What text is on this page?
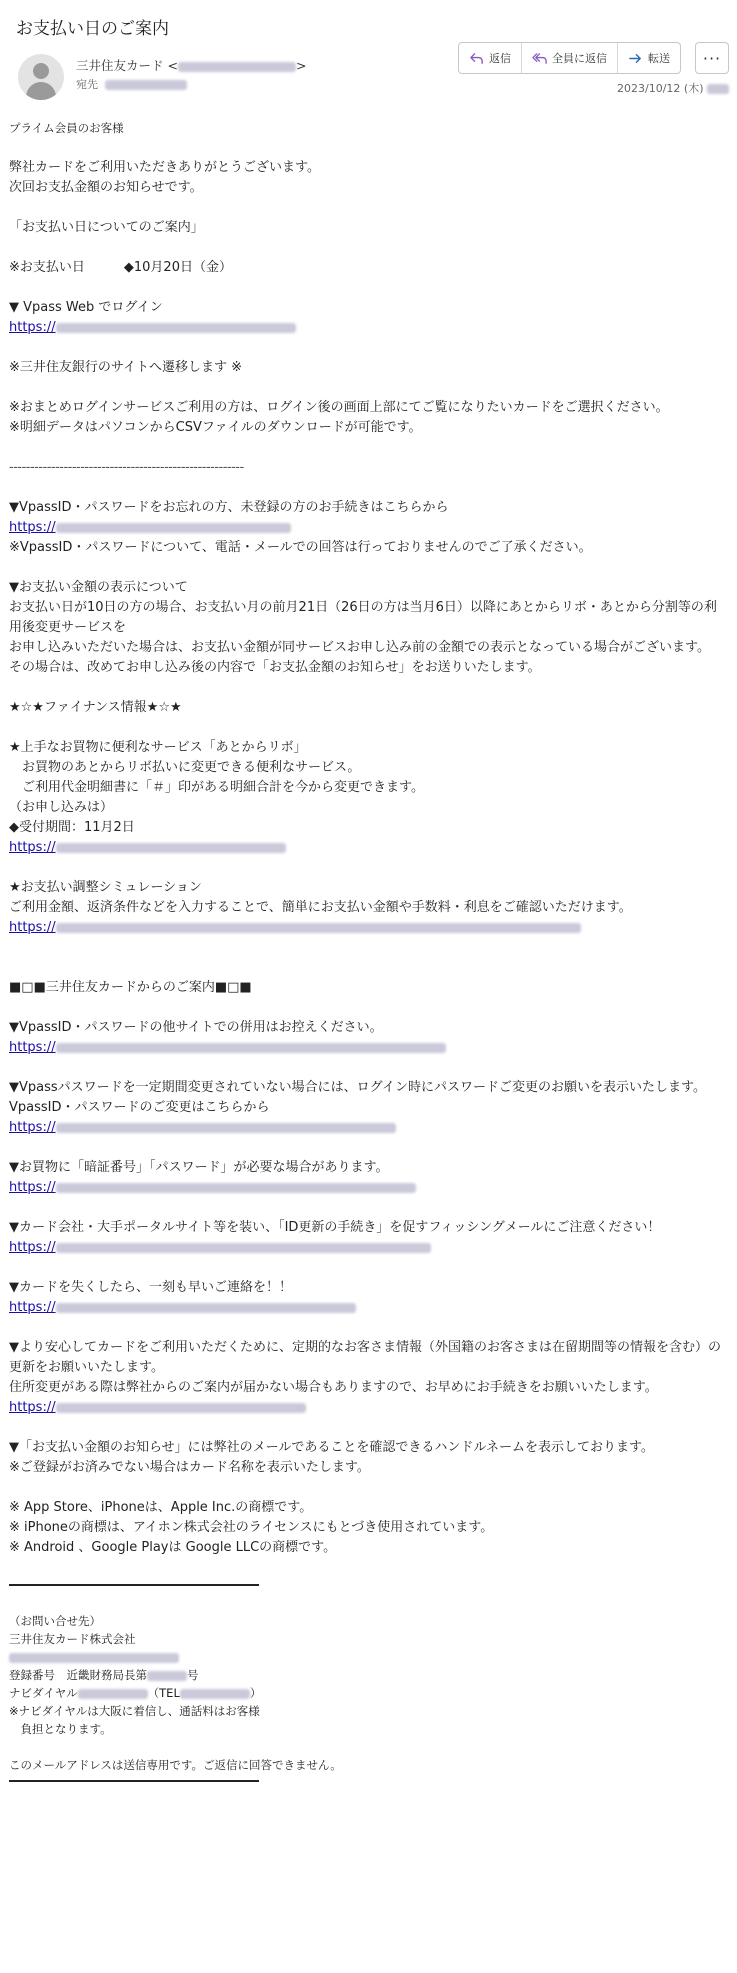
お支払い日のご案内
三井住友カード <	>
宛先
返信	全員に返信	転送	···
2023/10/12 (木)

プライム会員のお客様

弊社カードをご利用いただきありがとうございます。

次回お支払金額のお知らせです。

「お支払い日についてのご案内」

※お支払い日　　　◆10月20日（金）

▼ Vpass Web でログイン

https://

※三井住友銀行のサイトへ遷移します ※

※おまとめログインサービスご利用の方は、ログイン後の画面上部にてご覧になりたいカードをご選択ください。

※明細データはパソコンからCSVファイルのダウンロードが可能です。

--------------------------------------------------------

▼VpassID・パスワードをお忘れの方、未登録の方のお手続きはこちらから

https://

※VpassID・パスワードについて、電話・メールでの回答は行っておりませんのでご了承ください。

▼お支払い金額の表示について

お支払い日が10日の方の場合、お支払い月の前月21日（26日の方は当月6日）以降にあとからリボ・あとから分割等の利用後変更サービスを

お申し込みいただいた場合は、お支払い金額が同サービスお申し込み前の金額での表示となっている場合がございます。

その場合は、改めてお申し込み後の内容で「お支払金額のお知らせ」をお送りいたします。

★☆★ファイナンス情報★☆★

★上手なお買物に便利なサービス「あとからリボ」

　お買物のあとからリボ払いに変更できる便利なサービス。

　ご利用代金明細書に「＃」印がある明細合計を今から変更できます。

（お申し込みは）

◆受付期間：11月2日

https://

★お支払い調整シミュレーション

ご利用金額、返済条件などを入力することで、簡単にお支払い金額や手数料・利息をご確認いただけます。

https://

■□■三井住友カードからのご案内■□■

▼VpassID・パスワードの他サイトでの併用はお控えください。

https://

▼Vpassパスワードを一定期間変更されていない場合には、ログイン時にパスワードご変更のお願いを表示いたします。

VpassID・パスワードのご変更はこちらから

https://

▼お買物に「暗証番号」「パスワード」が必要な場合があります。

https://

▼カード会社・大手ポータルサイト等を装い、「ID更新の手続き」を促すフィッシングメールにご注意ください！

https://

▼カードを失くしたら、一刻も早いご連絡を！！

https://

▼より安心してカードをご利用いただくために、定期的なお客さま情報（外国籍のお客さまは在留期間等の情報を含む）の更新をお願いいたします。

住所変更がある際は弊社からのご案内が届かない場合もありますので、お早めにお手続きをお願いいたします。

https://

▼「お支払い金額のお知らせ」には弊社のメールであることを確認できるハンドルネームを表示しております。

※ご登録がお済みでない場合はカード名称を表示いたします。

※ App Store、iPhoneは、Apple Inc.の商標です。

※ iPhoneの商標は、アイホン株式会社のライセンスにもとづき使用されています。

※ Android 、Google Playは Google LLCの商標です。

（お問い合せ先）

三井住友カード株式会社

登録番号　近畿財務局長第	号

ナビダイヤル	（TEL	）

※ナビダイヤルは大阪に着信し、通話料はお客様

　負担となります。

このメールアドレスは送信専用です。ご返信に回答できません。
